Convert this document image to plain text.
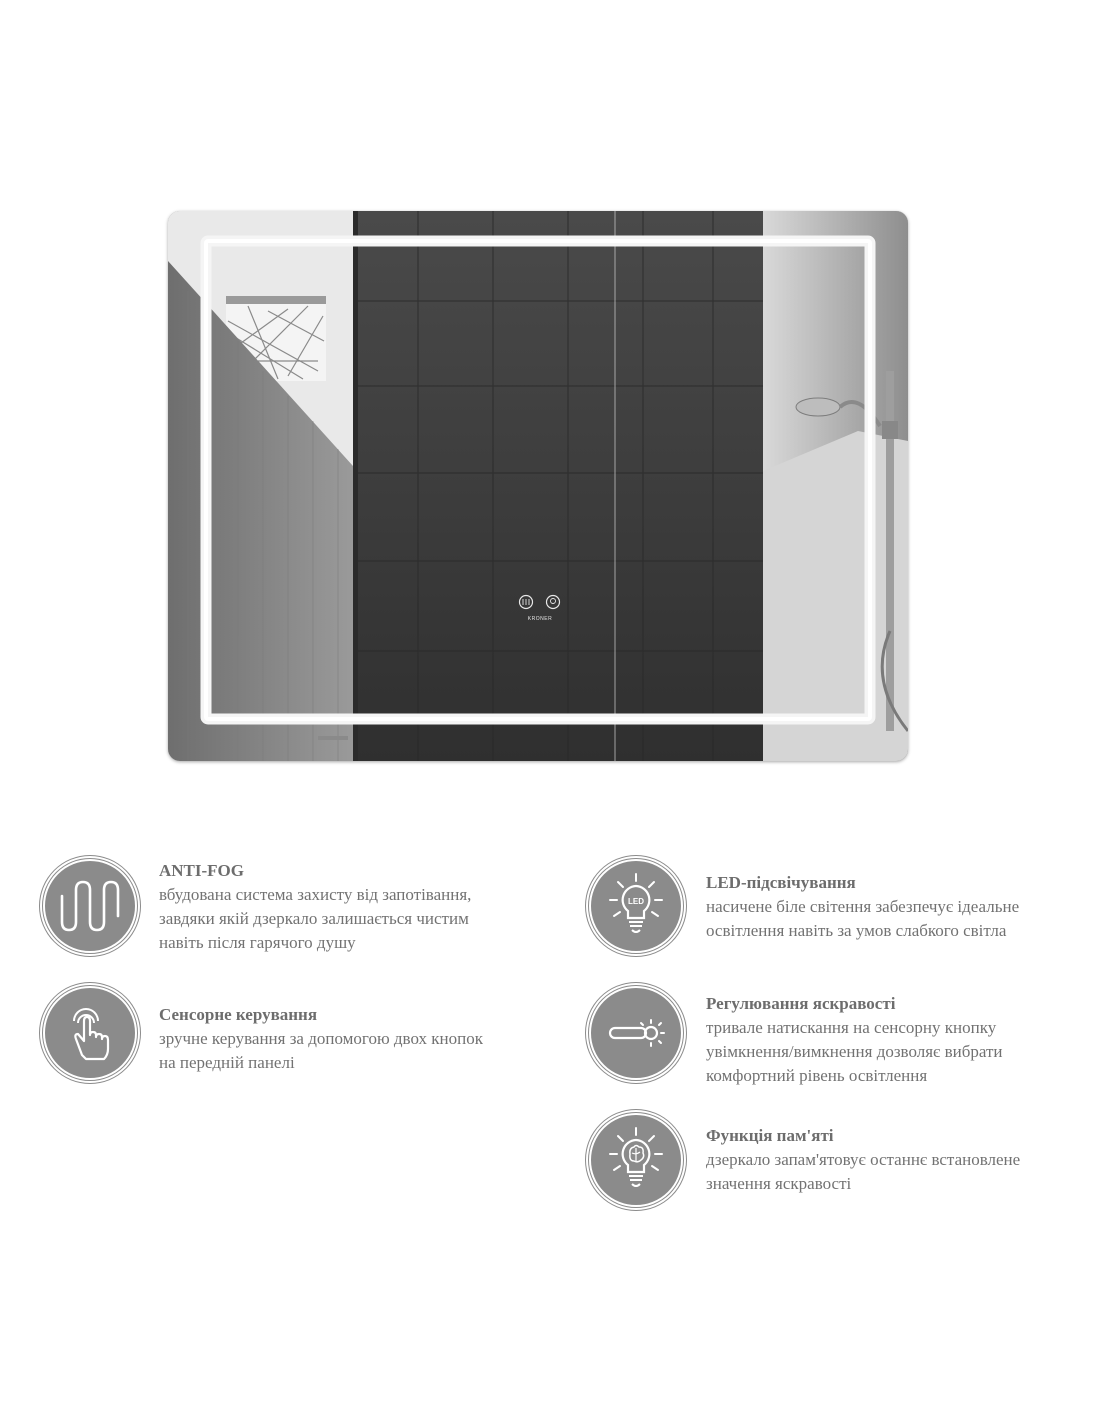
KRONER
ANTI-FOG
вбудована система захисту від запотівання,
завдяки якій дзеркало залишається чистим
навіть після гарячого душу
Сенсорне керування
зручне керування за допомогою двох кнопок
на передній панелі
LED
LED-підсвічування
насичене біле світення забезпечує ідеальне
освітлення навіть за умов слабкого світла
Регулювання яскравості
тривале натискання на сенсорну кнопку
увімкнення/вимкнення дозволяє вибрати
комфортний рівень освітлення
Функція пам'яті
дзеркало запам'ятовує останнє встановлене
значення яскравості
